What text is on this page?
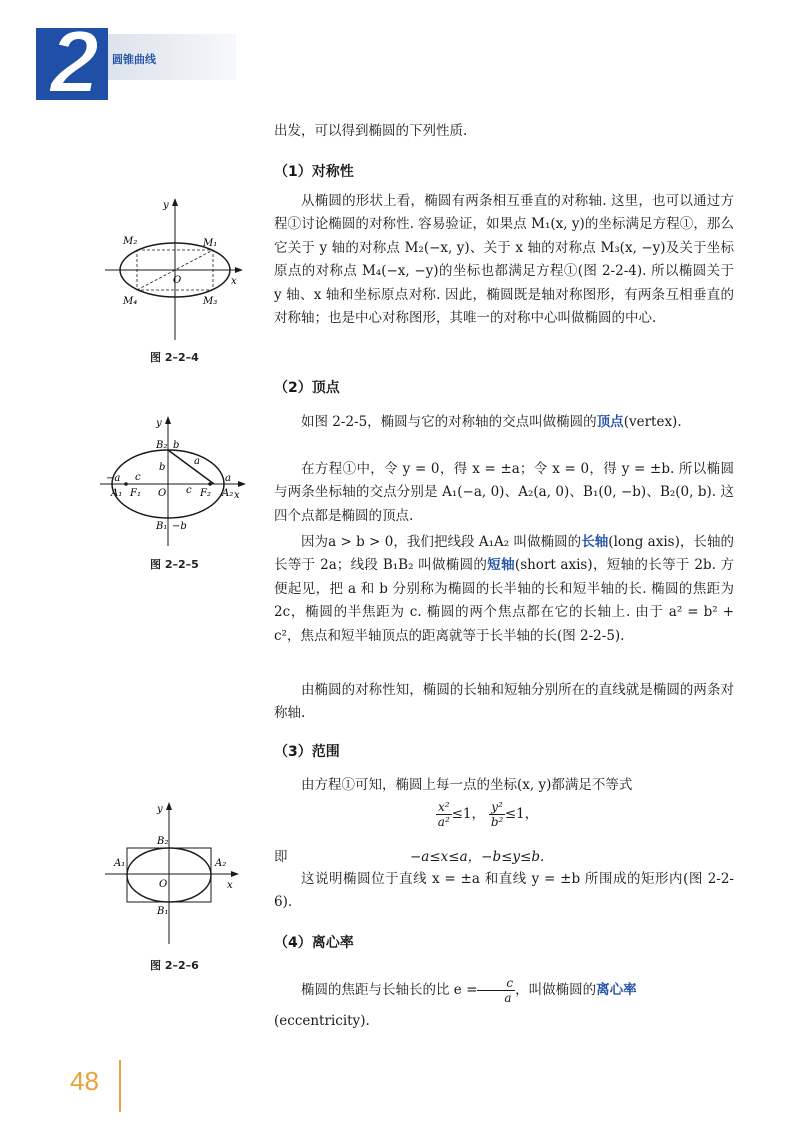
2	圆锥曲线

出发，可以得到椭圆的下列性质.

（1）对称性

从椭圆的形状上看，椭圆有两条相互垂直的对称轴. 这里，也可以通过方程①讨论椭圆的对称性. 容易验证，如果点 M₁(x, y)的坐标满足方程①，那么它关于 y 轴的对称点 M₂(−x, y)、关于 x 轴的对称点 M₃(x, −y)及关于坐标原点的对称点 M₄(−x, −y)的坐标也都满足方程①(图 2-2-4). 所以椭圆关于 y 轴、x 轴和坐标原点对称. 因此，椭圆既是轴对称图形，有两条互相垂直的对称轴；也是中心对称图形，其唯一的对称中心叫做椭圆的中心.

y
x
O
M₁
M₂
M₃
M₄
图 2–2–4
（2）顶点

如图 2-2-5，椭圆与它的对称轴的交点叫做椭圆的顶点(vertex).

在方程①中，令 y = 0，得 x = ±a；令 x = 0，得 y = ±b. 所以椭圆与两条坐标轴的交点分别是 A₁(−a, 0)、A₂(a, 0)、B₁(0, −b)、B₂(0, b). 这四个点都是椭圆的顶点.

因为a > b > 0，我们把线段 A₁A₂ 叫做椭圆的长轴(long axis)，长轴的长等于 2a；线段 B₁B₂ 叫做椭圆的短轴(short axis)，短轴的长等于 2b. 方便起见，把 a 和 b 分别称为椭圆的长半轴的长和短半轴的长. 椭圆的焦距为 2c，椭圆的半焦距为 c. 椭圆的两个焦点都在它的长轴上. 由于 a² = b² + c²，焦点和短半轴顶点的距离就等于长半轴的长(图 2-2-5).

由椭圆的对称性知，椭圆的长轴和短轴分别所在的直线就是椭圆的两条对称轴.

y
x
O
B₂ b
B₁ −b
A₁
−a
A₂
a
F₁	F₂
b
a
c
c
图 2–2–5
（3）范围

由方程①可知，椭圆上每一点的坐标(x, y)都满足不等式

$\frac{\text{x²}}{\text{a²}} \le 1$， $\frac{\text{y²}}{\text{b²}} \le 1$，
即	−a≤x≤a，−b≤y≤b.

这说明椭圆位于直线 x = ±a 和直线 y = ±b 所围成的矩形内(图 2-2-6).

y
x
O
B₂
B₁
A₁	A₂
图 2–2–6
（4）离心率

椭圆的焦距与长轴长的比 $e = \frac{c}{a}$ ，叫做椭圆的离心率

(eccentricity).

48
